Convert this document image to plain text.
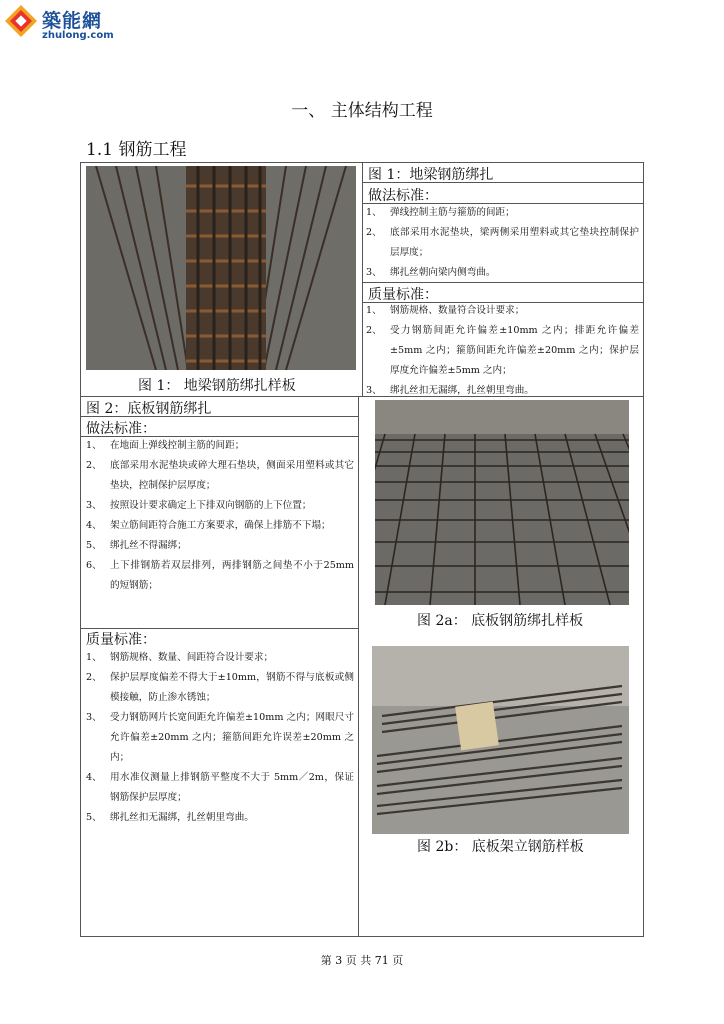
築能網
zhulong.com
一、 主体结构工程
1.1 钢筋工程
图 1： 地梁钢筋绑扎样板
图 1：地梁钢筋绑扎
做法标准：
1、 弹线控制主筋与箍筋的间距；
2、 底部采用水泥垫块，梁两侧采用塑料或其它垫块控制保护层厚度；
3、 绑扎丝朝向梁内侧弯曲。
质量标准：
1、 钢筋规格、数量符合设计要求；
2、 受力钢筋间距允许偏差±10mm 之内；排距允许偏差±5mm 之内；箍筋间距允许偏差±20mm 之内；保护层厚度允许偏差±5mm 之内；
3、 绑扎丝扣无漏绑，扎丝朝里弯曲。
图 2：底板钢筋绑扎
做法标准：
1、 在地面上弹线控制主筋的间距；
2、 底部采用水泥垫块或碎大理石垫块，侧面采用塑料或其它垫块，控制保护层厚度；
3、 按照设计要求确定上下排双向钢筋的上下位置；
4、 架立筋间距符合施工方案要求，确保上排筋不下塌；
5、 绑扎丝不得漏绑；
6、 上下排钢筋若双层排列，两排钢筋之间垫不小于25mm 的短钢筋；
质量标准：
1、 钢筋规格、数量、间距符合设计要求；
2、 保护层厚度偏差不得大于±10mm，钢筋不得与底板或侧模接触，防止渗水锈蚀；
3、 受力钢筋网片长宽间距允许偏差±10mm 之内；网眼尺寸允许偏差±20mm 之内；箍筋间距允许误差±20mm 之内；
4、 用水准仪测量上排钢筋平整度不大于 5mm／2m，保证钢筋保护层厚度；
5、 绑扎丝扣无漏绑，扎丝朝里弯曲。
图 2a： 底板钢筋绑扎样板
图 2b： 底板架立钢筋样板
第 3 页 共 71 页
